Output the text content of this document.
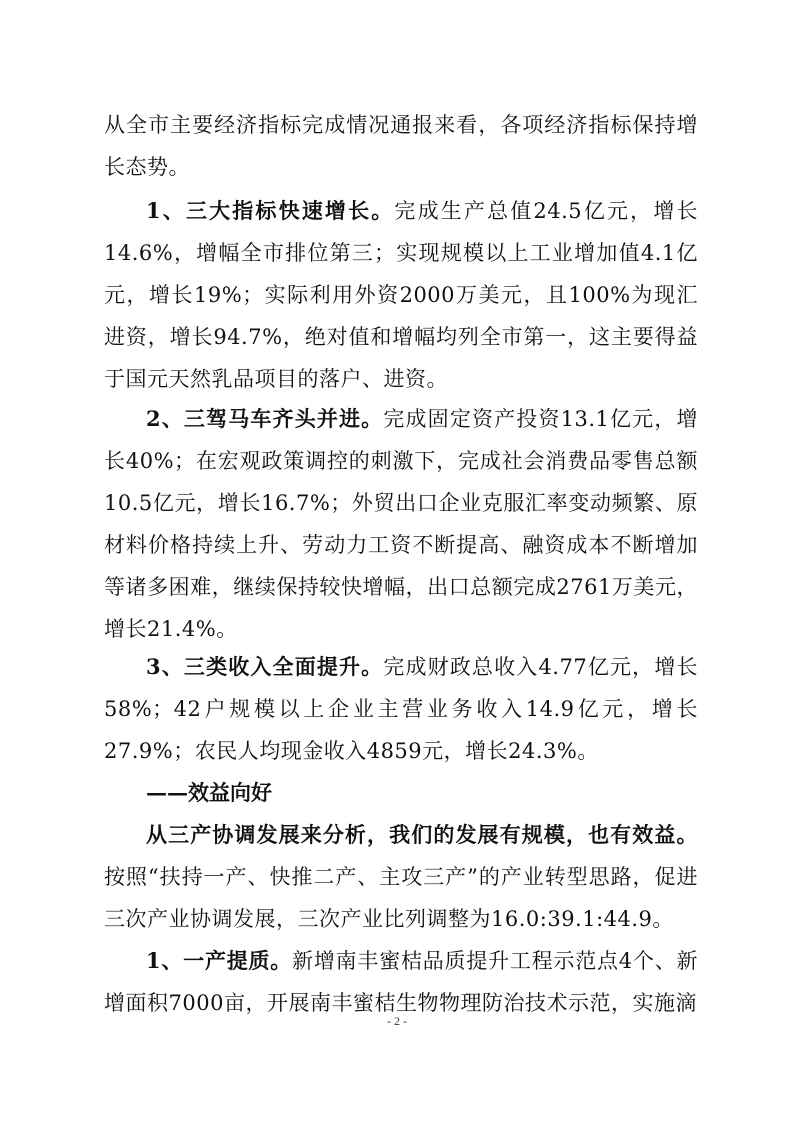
从全市主要经济指标完成情况通报来看，各项经济指标保持增长态势。

1、三大指标快速增长。完成生产总值24.5亿元，增长14.6%，增幅全市排位第三；实现规模以上工业增加值4.1亿元，增长19%；实际利用外资2000万美元，且100%为现汇进资，增长94.7%，绝对值和增幅均列全市第一，这主要得益于国元天然乳品项目的落户、进资。

2、三驾马车齐头并进。完成固定资产投资13.1亿元，增长40%；在宏观政策调控的刺激下，完成社会消费品零售总额10.5亿元，增长16.7%；外贸出口企业克服汇率变动频繁、原材料价格持续上升、劳动力工资不断提高、融资成本不断增加等诸多困难，继续保持较快增幅，出口总额完成2761万美元，增长21.4%。

3、三类收入全面提升。完成财政总收入4.77亿元，增长58%；42户规模以上企业主营业务收入14.9亿元，增长27.9%；农民人均现金收入4859元，增长24.3%。

——效益向好

从三产协调发展来分析，我们的发展有规模，也有效益。按照“扶持一产、快推二产、主攻三产”的产业转型思路，促进三次产业协调发展，三次产业比列调整为16.0:39.1:44.9。

1、一产提质。新增南丰蜜桔品质提升工程示范点4个、新增面积7000亩，开展南丰蜜桔生物物理防治技术示范，实施滴

- 2 -
